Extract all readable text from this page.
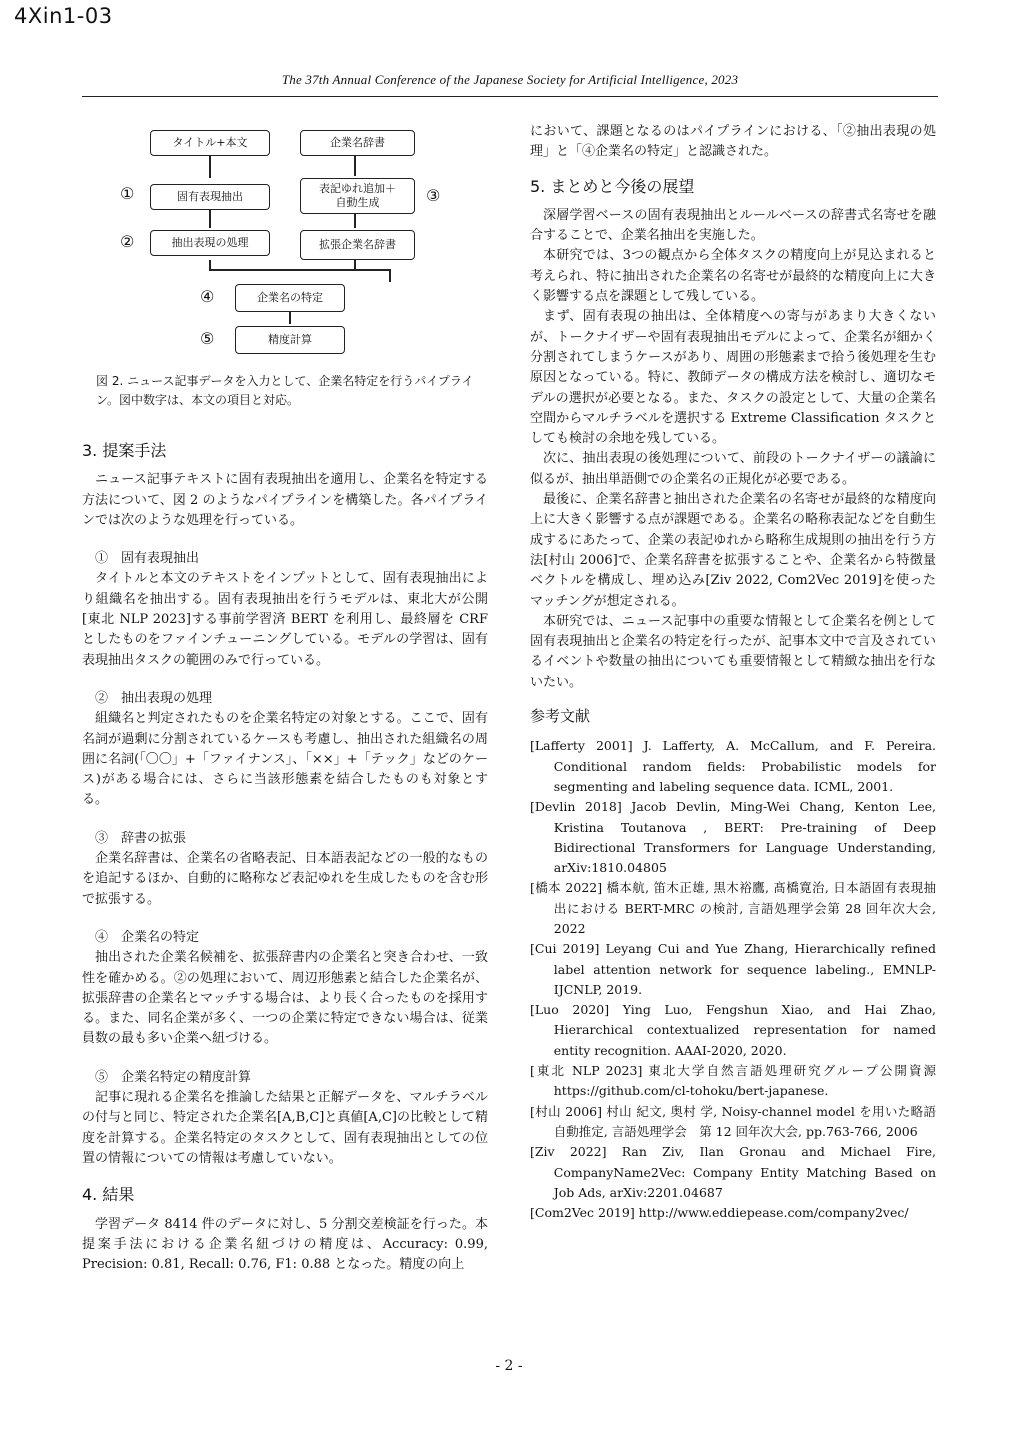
4Xin1-03
The 37th Annual Conference of the Japanese Society for Artificial Intelligence, 2023
タイトル+本文	企業名辞書
①	固有表現抽出
表記ゆれ追加＋
自動生成	③
②	抽出表現の処理	拡張企業名辞書
④	企業名の特定
⑤	精度計算
図 2. ニュース記事データを入力として、企業名特定を行うパイプライン。図中数字は、本文の項目と対応。
3. 提案手法

ニュース記事テキストに固有表現抽出を適用し、企業名を特定する方法について、図 2 のようなパイプラインを構築した。各パイプラインでは次のような処理を行っている。

①　固有表現抽出

タイトルと本文のテキストをインプットとして、固有表現抽出により組織名を抽出する。固有表現抽出を行うモデルは、東北大が公開[東北 NLP 2023]する事前学習済 BERT を利用し、最終層を CRF としたものをファインチューニングしている。モデルの学習は、固有表現抽出タスクの範囲のみで行っている。

②　抽出表現の処理

組織名と判定されたものを企業名特定の対象とする。ここで、固有名詞が過剰に分割されているケースも考慮し、抽出された組織名の周囲に名詞(「〇〇」+「ファイナンス」、「××」+「テック」などのケース)がある場合には、さらに当該形態素を結合したものも対象とする。

③　辞書の拡張

企業名辞書は、企業名の省略表記、日本語表記などの一般的なものを追記するほか、自動的に略称など表記ゆれを生成したものを含む形で拡張する。

④　企業名の特定

抽出された企業名候補を、拡張辞書内の企業名と突き合わせ、一致性を確かめる。②の処理において、周辺形態素と結合した企業名が、拡張辞書の企業名とマッチする場合は、より長く合ったものを採用する。また、同名企業が多く、一つの企業に特定できない場合は、従業員数の最も多い企業へ紐づける。

⑤　企業名特定の精度計算

記事に現れる企業名を推論した結果と正解データを、マルチラベルの付与と同じ、特定された企業名[A,B,C]と真値[A,C]の比較として精度を計算する。企業名特定のタスクとして、固有表現抽出としての位置の情報についての情報は考慮していない。

4. 結果

学習データ 8414 件のデータに対し、5 分割交差検証を行った。本提案手法における企業名紐づけの精度は、Accuracy: 0.99, Precision: 0.81, Recall: 0.76, F1: 0.88 となった。精度の向上

において、課題となるのはパイプラインにおける、「②抽出表現の処理」と「④企業名の特定」と認識された。

5. まとめと今後の展望

深層学習ベースの固有表現抽出とルールベースの辞書式名寄せを融合することで、企業名抽出を実施した。

本研究では、3つの観点から全体タスクの精度向上が見込まれると考えられ、特に抽出された企業名の名寄せが最終的な精度向上に大きく影響する点を課題として残している。

まず、固有表現の抽出は、全体精度への寄与があまり大きくないが、トークナイザーや固有表現抽出モデルによって、企業名が細かく分割されてしまうケースがあり、周囲の形態素まで拾う後処理を生む原因となっている。特に、教師データの構成方法を検討し、適切なモデルの選択が必要となる。また、タスクの設定として、大量の企業名空間からマルチラベルを選択する Extreme Classification タスクとしても検討の余地を残している。

次に、抽出表現の後処理について、前段のトークナイザーの議論に似るが、抽出単語側での企業名の正規化が必要である。

最後に、企業名辞書と抽出された企業名の名寄せが最終的な精度向上に大きく影響する点が課題である。企業名の略称表記などを自動生成するにあたって、企業の表記ゆれから略称生成規則の抽出を行う方法[村山 2006]で、企業名辞書を拡張することや、企業名から特徴量ベクトルを構成し、埋め込み[Ziv 2022, Com2Vec 2019]を使ったマッチングが想定される。

本研究では、ニュース記事中の重要な情報として企業名を例として固有表現抽出と企業名の特定を行ったが、記事本文中で言及されているイベントや数量の抽出についても重要情報として精緻な抽出を行ないたい。

参考文献
[Lafferty 2001] J. Lafferty, A. McCallum, and F. Pereira. Conditional random fields: Probabilistic models for segmenting and labeling sequence data. ICML, 2001.
[Devlin 2018] Jacob Devlin, Ming-Wei Chang, Kenton Lee, Kristina Toutanova , BERT: Pre-training of Deep Bidirectional Transformers for Language Understanding, arXiv:1810.04805
[橋本 2022] 橋本航, 笛木正雄, 黒木裕鷹, 髙橋寛治, 日本語固有表現抽出における BERT-MRC の検討, 言語処理学会第 28 回年次大会, 2022
[Cui 2019] Leyang Cui and Yue Zhang, Hierarchically refined label attention network for sequence labeling., EMNLP-IJCNLP, 2019.
[Luo 2020] Ying Luo, Fengshun Xiao, and Hai Zhao, Hierarchical contextualized representation for named entity recognition. AAAI-2020, 2020.
[東北 NLP 2023] 東北大学自然言語処理研究グループ公開資源 https://github.com/cl-tohoku/bert-japanese.
[村山 2006] 村山 紀文, 奥村 学, Noisy-channel model を用いた略語自動推定, 言語処理学会　第 12 回年次大会, pp.763-766, 2006
[Ziv 2022] Ran Ziv, Ilan Gronau and Michael Fire, CompanyName2Vec: Company Entity Matching Based on Job Ads, arXiv:2201.04687
[Com2Vec 2019] http://www.eddiepease.com/company2vec/
- 2 -
